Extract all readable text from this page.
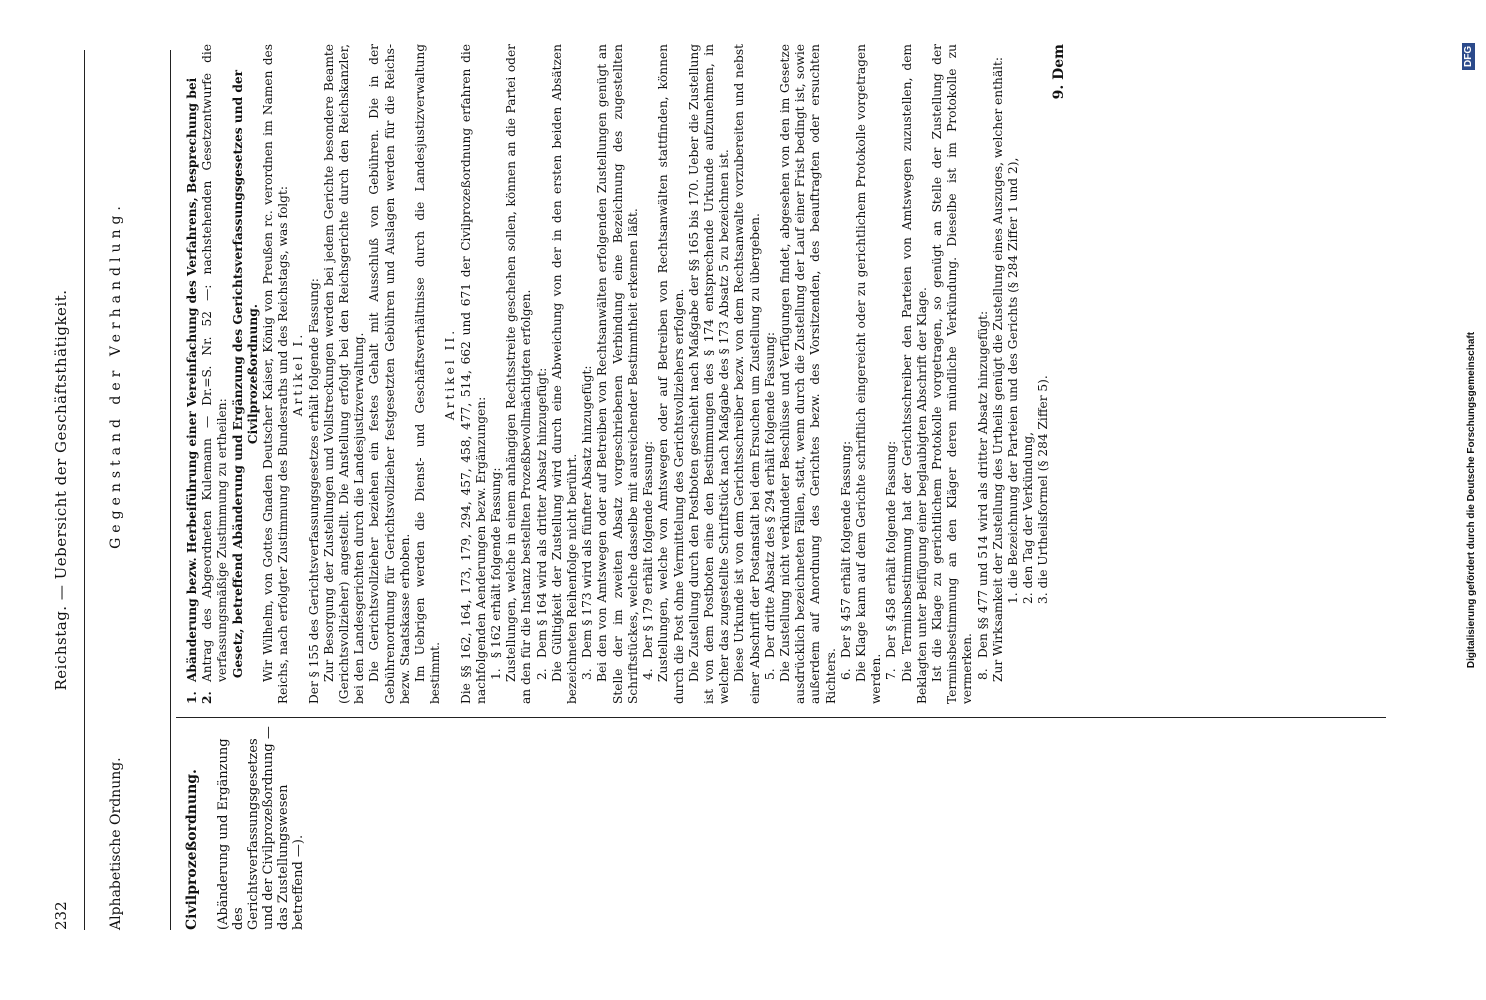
232
Reichstag. — Uebersicht der Geschäftsthätigkeit.
Alphabetische Ordnung.
Gegenstand der Verhandlung.
Civilprozeßordnung. (Abänderung und Ergänzung des Gerichtsverfassungsgesetzes und der Civilprozeßordnung — das Zustellungswesen betreffend —).
1.
Abänderung bezw. Herbeiführung einer Vereinfachung des Verfahrens, Besprechung bei
2.
Antrag des Abgeordneten Kulemann — Dr.=S. Nr. 52 —: nachstehenden Gesetzentwurfe die verfassungsmäßige Zustimmung zu ertheilen: Gesetz, betreffend Abänderung und Ergänzung des Gerichtsverfassungsgesetzes und der Civilprozeßordnung. Wir Wilhelm, von Gottes Gnaden Deutscher Kaiser, König von Preußen rc. verordnen im Namen des Reichs, nach erfolgter Zustimmung des Bundesraths und des Reichstags, was folgt: Artikel I. Der § 155 des Gerichtsverfassungsgesetzes erhält folgende Fassung: Zur Besorgung der Zustellungen und Vollstreckungen werden bei jedem Gerichte besondere Beamte (Gerichtsvollzieher) angestellt. Die Anstellung erfolgt bei den Reichsgerichte durch den Reichskanzler, bei den Landesgerichten durch die Landesjustizverwaltung. Die Gerichtsvollzieher beziehen ein festes Gehalt mit Ausschluß von Gebühren. Die in der Gebührenordnung für Gerichtsvollzieher festgesetzten Gebühren und Auslagen werden für die Reichs- bezw. Staatskasse erhoben. Im Uebrigen werden die Dienst- und Geschäftsverhältnisse durch die Landesjustizverwaltung bestimmt.

Artikel II. Die §§ 162, 164, 173, 179, 294, 457, 458, 477, 514, 662 und 671 der Civilprozeßordnung erfahren die nachfolgenden Aenderungen bezw. Ergänzungen: 1.
§ 162 erhält folgende Fassung: Zustellungen, welche in einem anhängigen Rechtsstreite geschehen sollen, können an die Partei oder an den für die Instanz bestellten Prozeßbevollmächtigten erfolgen. 2.
Dem § 164 wird als dritter Absatz hinzugefügt: Die Gültigkeit der Zustellung wird durch eine Abweichung von der in den ersten beiden Absätzen bezeichneten Reihenfolge nicht berührt. 3.
Dem § 173 wird als fünfter Absatz hinzugefügt: Bei den von Amtswegen oder auf Betreiben von Rechtsanwälten erfolgenden Zustellungen genügt an Stelle der im zweiten Absatz vorgeschriebenen Verbindung eine Bezeichnung des zugestellten Schriftstückes, welche dasselbe mit ausreichender Bestimmtheit erkennen läßt. 4.
Der § 179 erhält folgende Fassung: Zustellungen, welche von Amtswegen oder auf Betreiben von Rechtsanwälten stattfinden, können durch die Post ohne Vermittelung des Gerichtsvollziehers erfolgen. Die Zustellung durch den Postboten geschieht nach Maßgabe der §§ 165 bis 170. Ueber die Zustellung ist von dem Postboten eine den Bestimmungen des § 174 entsprechende Urkunde aufzunehmen, in welcher das zugestellte Schriftstück nach Maßgabe des § 173 Absatz 5 zu bezeichnen ist. Diese Urkunde ist von dem Gerichtsschreiber bezw. von dem Rechtsanwalte vorzubereiten und nebst einer Abschrift der Postanstalt bei dem Ersuchen um Zustellung zu übergeben. 5.
Der dritte Absatz des § 294 erhält folgende Fassung: Die Zustellung nicht verkündeter Beschlüsse und Verfügungen findet, abgesehen von den im Gesetze ausdrücklich bezeichneten Fällen, statt, wenn durch die Zustellung der Lauf einer Frist bedingt ist, sowie außerdem auf Anordnung des Gerichtes bezw. des Vorsitzenden, des beauftragten oder ersuchten Richters. 6.
Der § 457 erhält folgende Fassung: Die Klage kann auf dem Gerichte schriftlich eingereicht oder zu gerichtlichem Protokolle vorgetragen werden. 7.
Der § 458 erhält folgende Fassung: Die Terminsbestimmung hat der Gerichtsschreiber den Parteien von Amtswegen zuzustellen, dem Beklagten unter Beifügung einer beglaubigten Abschrift der Klage. Ist die Klage zu gerichtlichem Protokolle vorgetragen, so genügt an Stelle der Zustellung der Terminsbestimmung an den Kläger deren mündliche Verkündung. Dieselbe ist im Protokolle zu vermerken. 8.
Den §§ 477 und 514 wird als dritter Absatz hinzugefügt: Zur Wirksamkeit der Zustellung des Urtheils genügt die Zustellung eines Auszuges, welcher enthält: 1. die Bezeichnung der Parteien und des Gerichts (§ 284 Ziffer 1 und 2), 2. den Tag der Verkündung, 3. die Urtheilsformel (§ 284 Ziffer 5).

9. Dem

Digitalisierung gefördert durch die Deutsche Forschungsgemeinschaft
DFG
